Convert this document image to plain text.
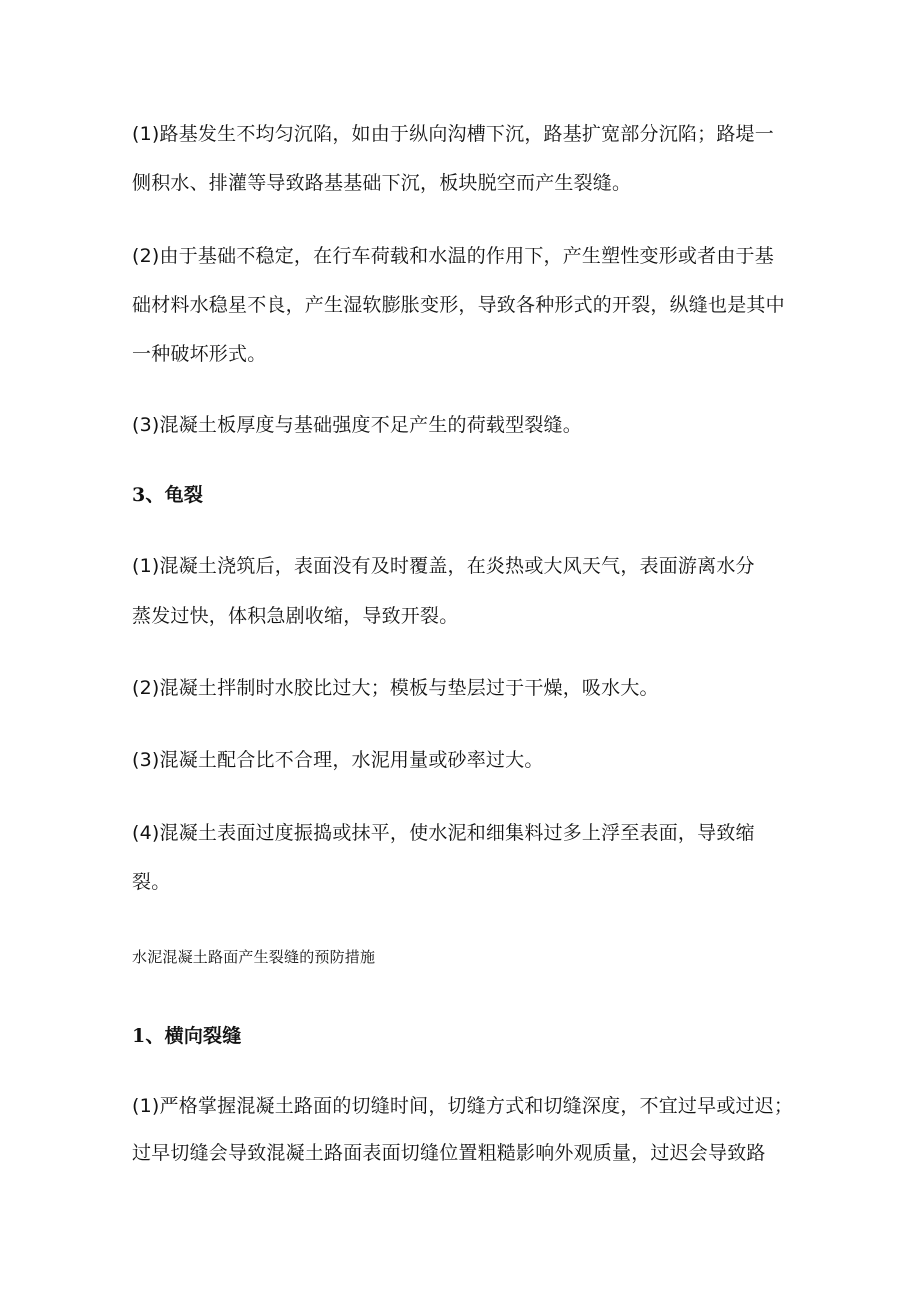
(1)路基发生不均匀沉陷，如由于纵向沟槽下沉，路基扩宽部分沉陷；路堤一
侧积水、排灌等导致路基基础下沉，板块脱空而产生裂缝。
(2)由于基础不稳定，在行车荷载和水温的作用下，产生塑性变形或者由于基
础材料水稳星不良，产生湿软膨胀变形，导致各种形式的开裂，纵缝也是其中
一种破坏形式。
(3)混凝土板厚度与基础强度不足产生的荷载型裂缝。
3、龟裂
(1)混凝土浇筑后，表面没有及时覆盖，在炎热或大风天气，表面游离水分
蒸发过快，体积急剧收缩，导致开裂。
(2)混凝土拌制时水胶比过大；模板与垫层过于干燥，吸水大。
(3)混凝土配合比不合理，水泥用量或砂率过大。
(4)混凝土表面过度振捣或抹平，使水泥和细集料过多上浮至表面，导致缩
裂。
水泥混凝土路面产生裂缝的预防措施
1、横向裂缝
(1)严格掌握混凝土路面的切缝时间，切缝方式和切缝深度，不宜过早或过迟；
过早切缝会导致混凝土路面表面切缝位置粗糙影响外观质量，过迟会导致路
